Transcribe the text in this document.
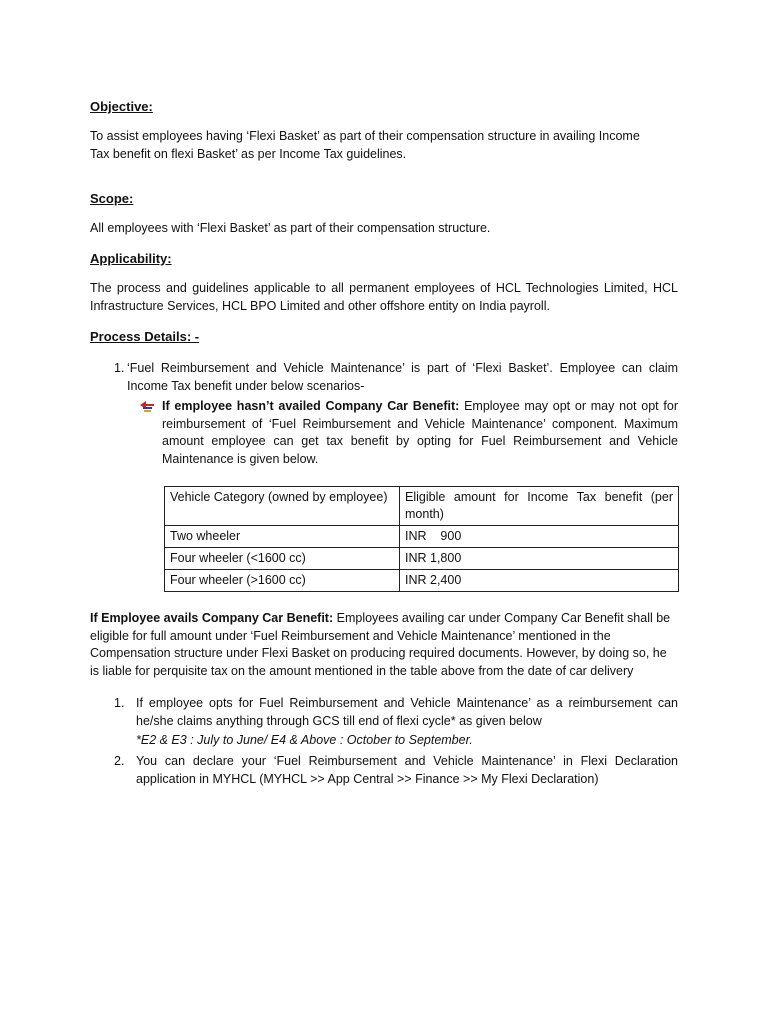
Objective:
To assist employees having ‘Flexi Basket’ as part of their compensation structure in availing Income
Tax benefit on flexi Basket’ as per Income Tax guidelines.
Scope:
All employees with ‘Flexi Basket’ as part of their compensation structure.
Applicability:
The process and guidelines applicable to all permanent employees of HCL Technologies Limited, HCL Infrastructure Services, HCL BPO Limited and other offshore entity on India payroll.
Process Details: -
1. ‘Fuel Reimbursement and Vehicle Maintenance’ is part of ‘Flexi Basket’. Employee can claim Income Tax benefit under below scenarios-
If employee hasn’t availed Company Car Benefit: Employee may opt or may not opt for reimbursement of ‘Fuel Reimbursement and Vehicle Maintenance’ component. Maximum amount employee can get tax benefit by opting for Fuel Reimbursement and Vehicle Maintenance is given below.
Vehicle Category (owned by employee)	Eligible amount for Income Tax benefit (per month)
Two wheeler	INR    900
Four wheeler (<1600 cc)	INR 1,800
Four wheeler (>1600 cc)	INR 2,400
If Employee avails Company Car Benefit: Employees availing car under Company Car Benefit shall be eligible for full amount under ‘Fuel Reimbursement and Vehicle Maintenance’ mentioned in the Compensation structure under Flexi Basket on producing required documents. However, by doing so, he is liable for perquisite tax on the amount mentioned in the table above from the date of car delivery
1. If employee opts for Fuel Reimbursement and Vehicle Maintenance’ as a reimbursement can he/she claims anything through GCS till end of flexi cycle* as given below
*E2 & E3 : July to June/ E4 & Above : October to September.
2. You can declare your ‘Fuel Reimbursement and Vehicle Maintenance’ in Flexi Declaration application in MYHCL (MYHCL >> App Central >> Finance >> My Flexi Declaration)
